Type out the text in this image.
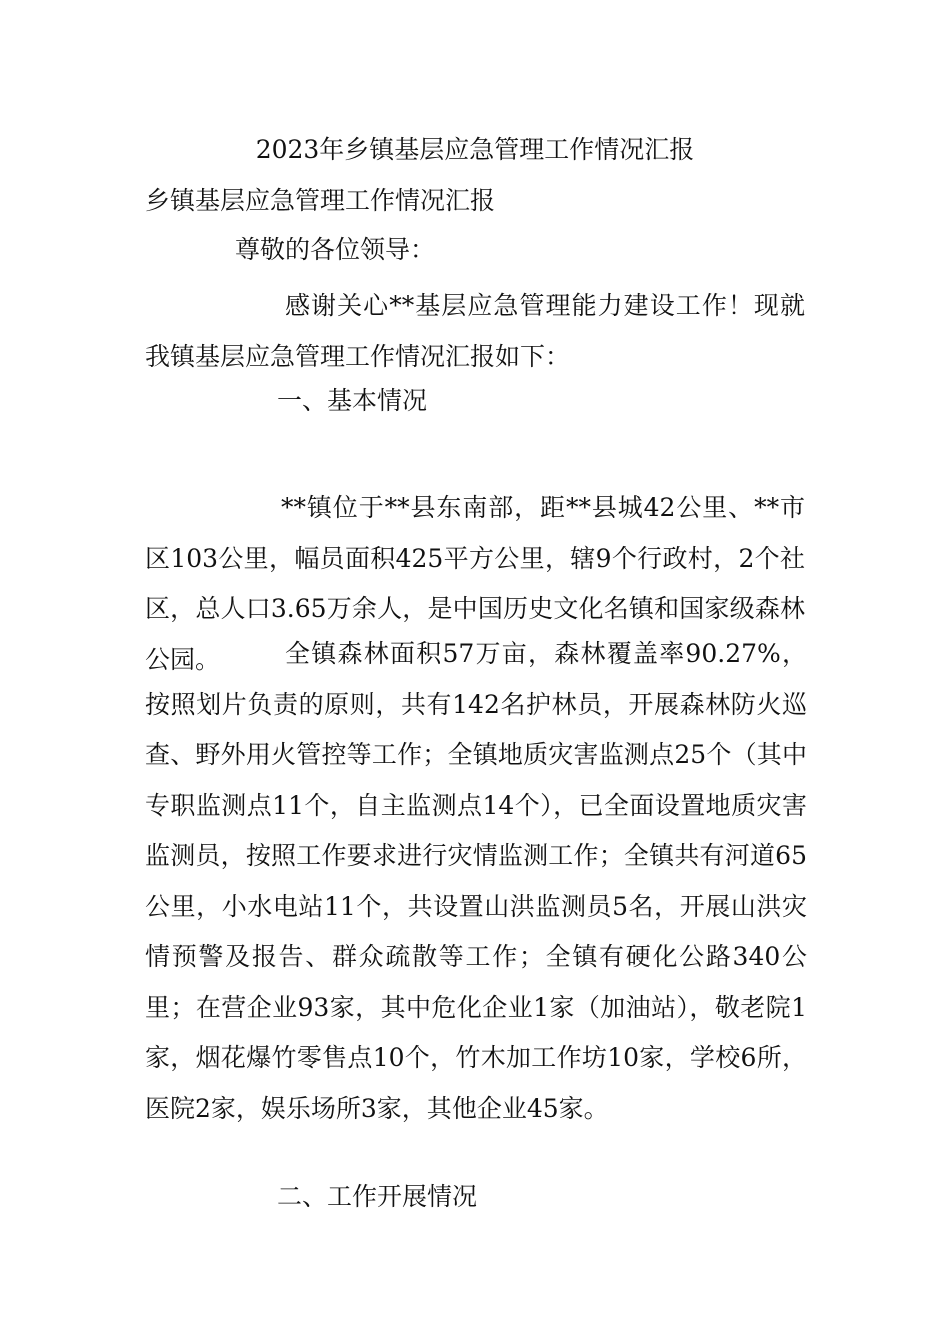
2023年乡镇基层应急管理工作情况汇报
乡镇基层应急管理工作情况汇报
尊敬的各位领导：
感谢关心**基层应急管理能力建设工作！现就我镇基层应急管理工作情况汇报如下：
一、基本情况
**镇位于**县东南部，距**县城42公里、**市区103公里，幅员面积425平方公里，辖9个行政村，2个社区，总人口3.65万余人，是中国历史文化名镇和国家级森林公园。	全镇森林面积57万亩，森林覆盖率90.27%，按照划片负责的原则，共有142名护林员，开展森林防火巡查、野外用火管控等工作；全镇地质灾害监测点25个（其中专职监测点11个，自主监测点14个），已全面设置地质灾害监测员，按照工作要求进行灾情监测工作；全镇共有河道65公里，小水电站11个，共设置山洪监测员5名，开展山洪灾情预警及报告、群众疏散等工作；全镇有硬化公路340公里；在营企业93家，其中危化企业1家（加油站），敬老院1家，烟花爆竹零售点10个，竹木加工作坊10家，学校6所，医院2家，娱乐场所3家，其他企业45家。
二、工作开展情况
